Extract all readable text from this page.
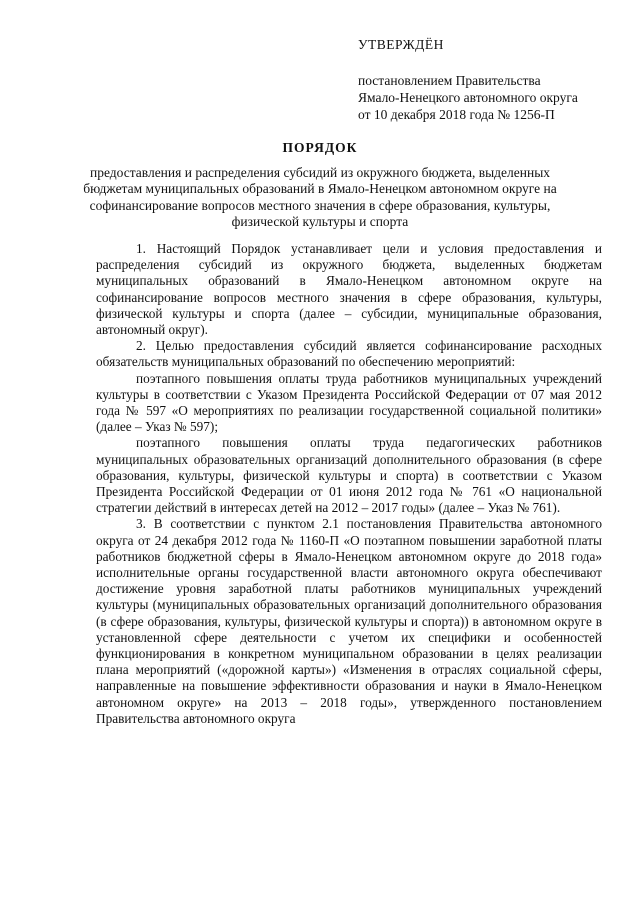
УТВЕРЖДЁН
постановлением Правительства
Ямало-Ненецкого автономного округа
от 10 декабря 2018 года № 1256-П
ПОРЯДОК
предоставления и распределения субсидий из окружного бюджета, выделенных бюджетам муниципальных образований в Ямало-Ненецком автономном округе на софинансирование вопросов местного значения в сфере образования, культуры, физической культуры и спорта

1. Настоящий Порядок устанавливает цели и условия предоставления и распределения субсидий из окружного бюджета, выделенных бюджетам муниципальных образований в Ямало-Ненецком автономном округе на софинансирование вопросов местного значения в сфере образования, культуры, физической культуры и спорта (далее – субсидии, муниципальные образования, автономный округ).

2. Целью предоставления субсидий является софинансирование расходных обязательств муниципальных образований по обеспечению мероприятий:

поэтапного повышения оплаты труда работников муниципальных учреждений культуры в соответствии с Указом Президента Российской Федерации от 07 мая 2012 года № 597 «О мероприятиях по реализации государственной социальной политики» (далее – Указ № 597);

поэтапного повышения оплаты труда педагогических работников муниципальных образовательных организаций дополнительного образования (в сфере образования, культуры, физической культуры и спорта) в соответствии с Указом Президента Российской Федерации от 01 июня 2012 года № 761 «О национальной стратегии действий в интересах детей на 2012 – 2017 годы» (далее – Указ № 761).

3. В соответствии с пунктом 2.1 постановления Правительства автономного округа от 24 декабря 2012 года № 1160-П «О поэтапном повышении заработной платы работников бюджетной сферы в Ямало-Ненецком автономном округе до 2018 года» исполнительные органы государственной власти автономного округа обеспечивают достижение уровня заработной платы работников муниципальных учреждений культуры (муниципальных образовательных организаций дополнительного образования (в сфере образования, культуры, физической культуры и спорта)) в автономном округе в установленной сфере деятельности с учетом их специфики и особенностей функционирования в конкретном муниципальном образовании в целях реализации плана мероприятий («дорожной карты») «Изменения в отраслях социальной сферы, направленные на повышение эффективности образования и науки в Ямало-Ненецком автономном округе» на 2013 – 2018 годы», утвержденного постановлением Правительства автономного округа
